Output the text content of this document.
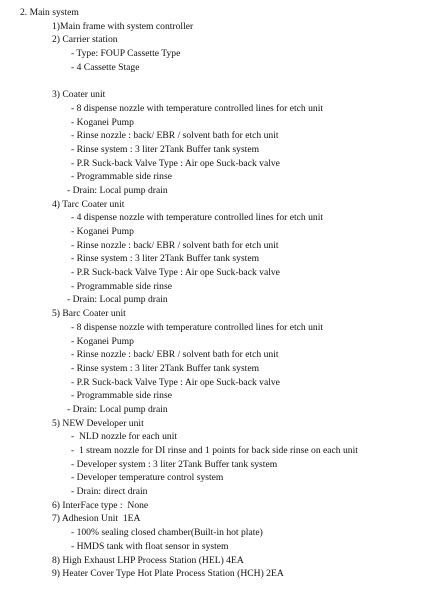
2. Main system
1)Main frame with system controller
2) Carrier station
- Type: FOUP Cassette Type
- 4 Cassette Stage
3) Coater unit
- 8 dispense nozzle with temperature controlled lines for etch unit
- Koganei Pump
- Rinse nozzle : back/ EBR / solvent bath for etch unit
- Rinse system : 3 liter 2Tank Buffer tank system
- P.R Suck-back Valve Type : Air ope Suck-back valve
- Programmable side rinse
- Drain: Local pump drain
4) Tarc Coater unit
- 4 dispense nozzle with temperature controlled lines for etch unit
- Koganei Pump
- Rinse nozzle : back/ EBR / solvent bath for etch unit
- Rinse system : 3 liter 2Tank Buffer tank system
- P.R Suck-back Valve Type : Air ope Suck-back valve
- Programmable side rinse
- Drain: Local pump drain
5) Barc Coater unit
- 8 dispense nozzle with temperature controlled lines for etch unit
- Koganei Pump
- Rinse nozzle : back/ EBR / solvent bath for etch unit
- Rinse system : 3 liter 2Tank Buffer tank system
- P.R Suck-back Valve Type : Air ope Suck-back valve
- Programmable side rinse
- Drain: Local pump drain
5) NEW Developer unit
-  NLD nozzle for each unit
-  1 stream nozzle for DI rinse and 1 points for back side rinse on each unit
- Developer system : 3 liter 2Tank Buffer tank system
- Developer temperature control system
- Drain: direct drain
6) InterFace type :  None
7) Adhesion Unit  1EA
- 100% sealing closed chamber(Built-in hot plate)
- HMDS tank with float sensor in system
8) High Exhaust LHP Process Station (HEL) 4EA
9) Heater Cover Type Hot Plate Process Station (HCH) 2EA
